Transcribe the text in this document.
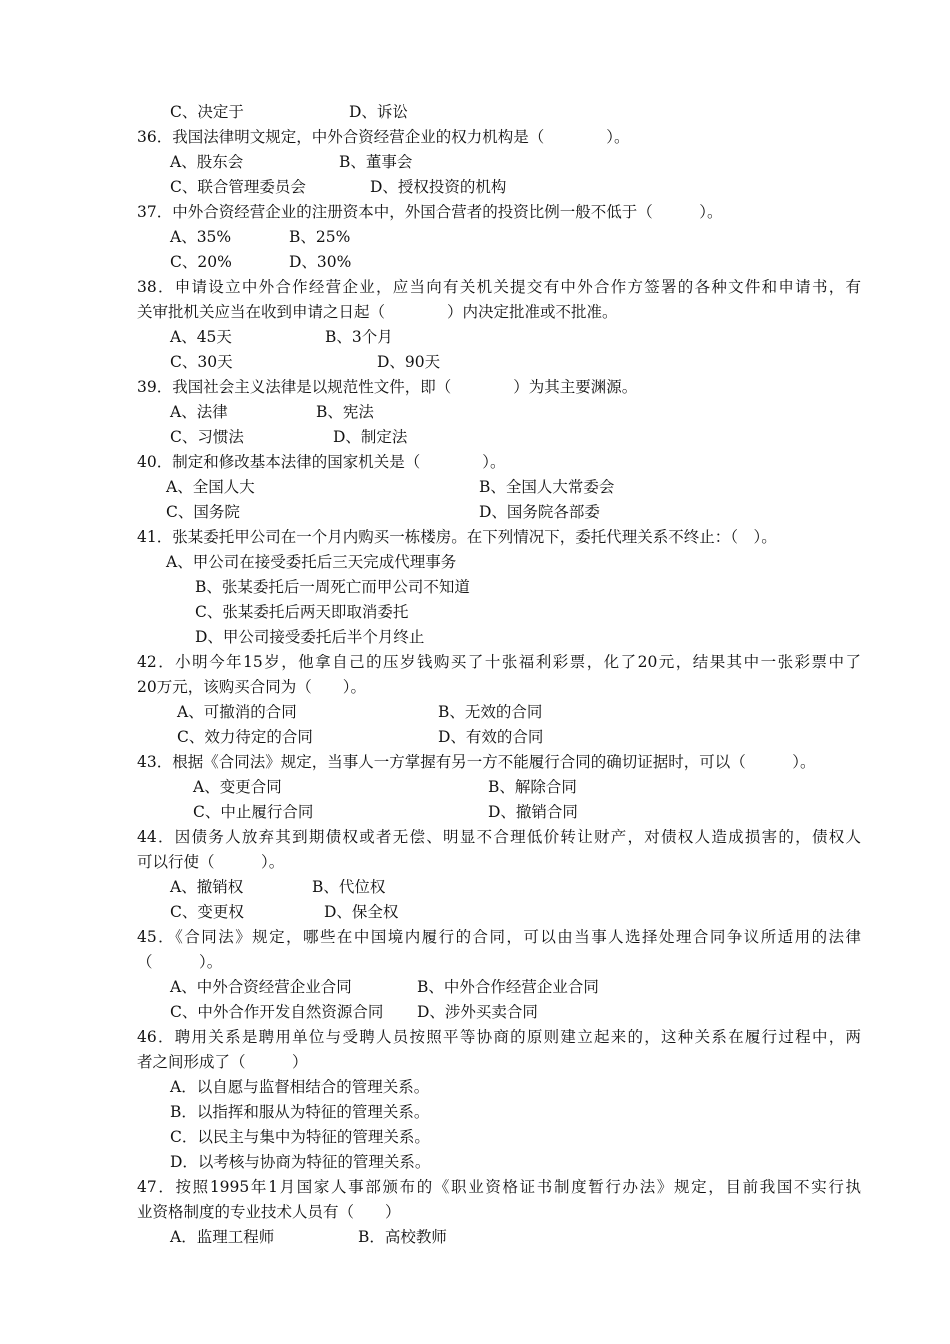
C、决定于	D、诉讼
36．我国法律明文规定，中外合资经营企业的权力机构是（　　　　）。
A、股东会	B、董事会
C、联合管理委员会	D、授权投资的机构
37．中外合资经营企业的注册资本中，外国合营者的投资比例一般不低于（　　　）。
A、35%	B、25%
C、20%	D、30%
38．申请设立中外合作经营企业，应当向有关机关提交有中外合作方签署的各种文件和申请书，有
关审批机关应当在收到申请之日起（　　　　）内决定批准或不批准。
A、45天	B、3个月
C、30天	D、90天
39．我国社会主义法律是以规范性文件，即（　　　　）为其主要渊源。
A、法律	B、宪法
C、习惯法	D、制定法
40．制定和修改基本法律的国家机关是（　　　　）。
A、全国人大	B、全国人大常委会
C、国务院	D、国务院各部委
41．张某委托甲公司在一个月内购买一栋楼房。在下列情况下，委托代理关系不终止：（　）。
A、甲公司在接受委托后三天完成代理事务
B、张某委托后一周死亡而甲公司不知道
C、张某委托后两天即取消委托
D、甲公司接受委托后半个月终止
42．小明今年15岁，他拿自己的压岁钱购买了十张福利彩票，化了20元，结果其中一张彩票中了
20万元，该购买合同为（　　）。
A、可撤消的合同	B、无效的合同
C、效力待定的合同	D、有效的合同
43．根据《合同法》规定，当事人一方掌握有另一方不能履行合同的确切证据时，可以（　　　）。
A、变更合同	B、解除合同
C、中止履行合同	D、撤销合同
44．因债务人放弃其到期债权或者无偿、明显不合理低价转让财产，对债权人造成损害的，债权人
可以行使（　　　）。
A、撤销权	B、代位权
C、变更权	D、保全权
45．《合同法》规定，哪些在中国境内履行的合同，可以由当事人选择处理合同争议所适用的法律
（　　　）。
A、中外合资经营企业合同	B、中外合作经营企业合同
C、中外合作开发自然资源合同 D、涉外买卖合同
46．聘用关系是聘用单位与受聘人员按照平等协商的原则建立起来的，这种关系在履行过程中，两
者之间形成了（　　　）
A．以自愿与监督相结合的管理关系。
B．以指挥和服从为特征的管理关系。
C．以民主与集中为特征的管理关系。
D．以考核与协商为特征的管理关系。
47．按照1995年1月国家人事部颁布的《职业资格证书制度暂行办法》规定，目前我国不实行执
业资格制度的专业技术人员有（　　）
A．监理工程师	B．高校教师
